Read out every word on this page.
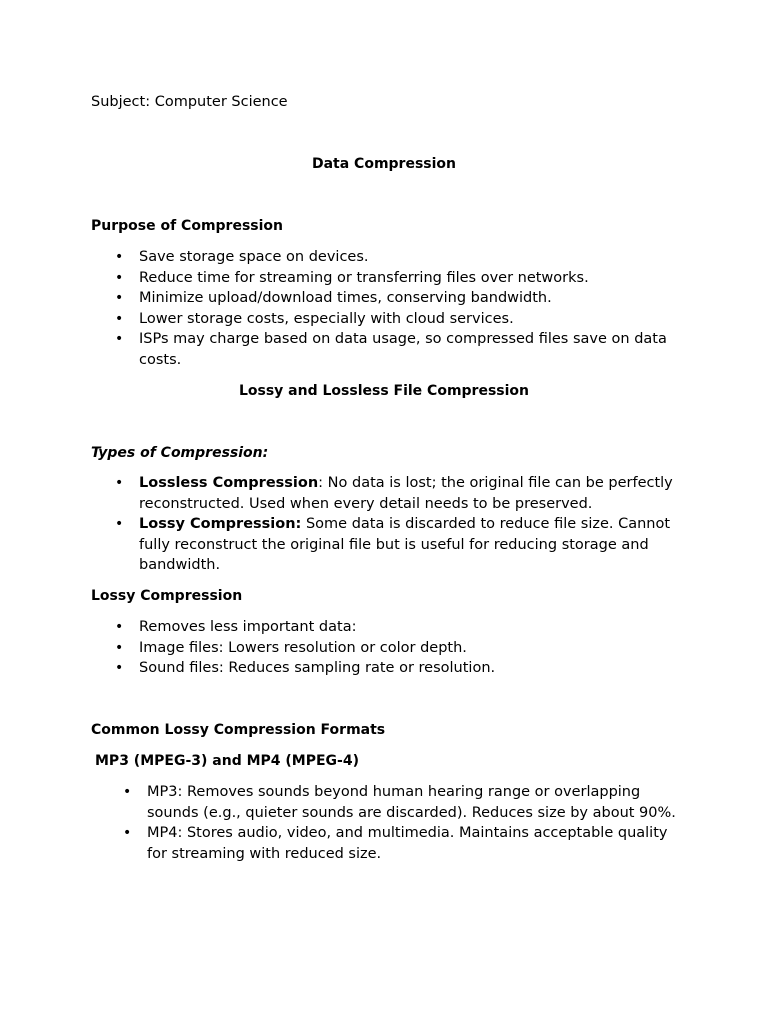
Subject: Computer Science
Data Compression
Purpose of Compression
• Save storage space on devices.
• Reduce time for streaming or transferring files over networks.
• Minimize upload/download times, conserving bandwidth.
• Lower storage costs, especially with cloud services.
• ISPs may charge based on data usage, so compressed files save on data costs.
Lossy and Lossless File Compression
Types of Compression:
• Lossless Compression: No data is lost; the original file can be perfectly reconstructed. Used when every detail needs to be preserved.
• Lossy Compression: Some data is discarded to reduce file size. Cannot fully reconstruct the original file but is useful for reducing storage and bandwidth.
Lossy Compression
• Removes less important data:
• Image files: Lowers resolution or color depth.
• Sound files: Reduces sampling rate or resolution.
Common Lossy Compression Formats
MP3 (MPEG-3) and MP4 (MPEG-4)
• MP3: Removes sounds beyond human hearing range or overlapping sounds (e.g., quieter sounds are discarded). Reduces size by about 90%.
• MP4: Stores audio, video, and multimedia. Maintains acceptable quality for streaming with reduced size.
